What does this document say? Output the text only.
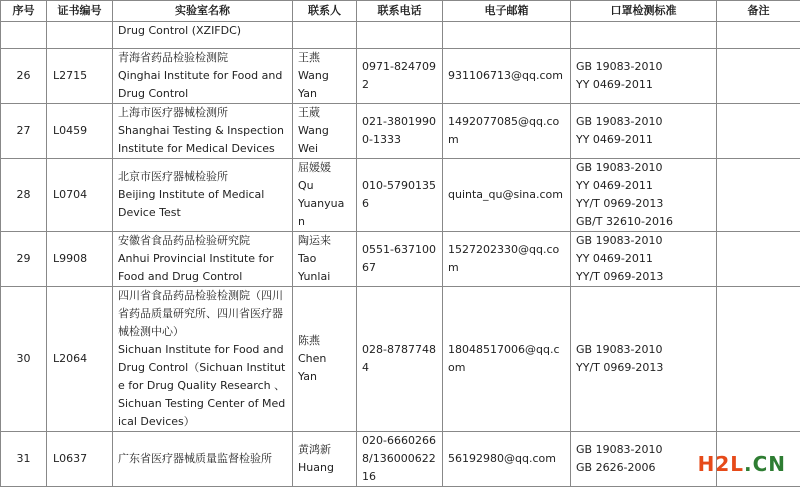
序号	证书编号	实验室名称	联系人	联系电话	电子邮箱	口罩检测标准	备注
		Drug Control (XZIFDC)					
26	L2715	青海省药品检验检测院
Qinghai Institute for Food and
Drug Control	王燕
Wang
Yan	0971-8247092	931106713@qq.com	GB 19083-2010
YY 0469-2011	

27	L0459	上海市医疗器械检测所
Shanghai Testing & Inspection
Institute for Medical Devices	王葳
Wang
Wei	021-38019900-1333	1492077085@qq.com	GB 19083-2010
YY 0469-2011	

28	L0704	北京市医疗器械检验所
Beijing Institute of Medical
Device Test	屈媛媛
Qu
Yuanyuan	010-57901356	quinta_qu@sina.com	GB 19083-2010
YY 0469-2011
YY/T 0969-2013
GB/T 32610-2016	

29	L9908	安徽省食品药品检验研究院
Anhui Provincial Institute for
Food and Drug Control	陶运来
Tao
Yunlai	0551-63710067	1527202330@qq.com	GB 19083-2010
YY 0469-2011
YY/T 0969-2013	

30	L2064	四川省食品药品检验检测院（四川省药品质量研究所、四川省医疗器械检测中心）
Sichuan Institute for Food and Drug Control（Sichuan Institute for Drug Quality Research 、 Sichuan Testing Center of Medical Devices）	陈燕
Chen
Yan	028-87877484	18048517006@qq.com	GB 19083-2010
YY/T 0969-2013	

31	L0637	广东省医疗器械质量监督检验所	黄鸿新
Huang	020-66602668/13600062216	56192980@qq.com	GB 19083-2010
GB 2626-2006	
		H2L.CN
